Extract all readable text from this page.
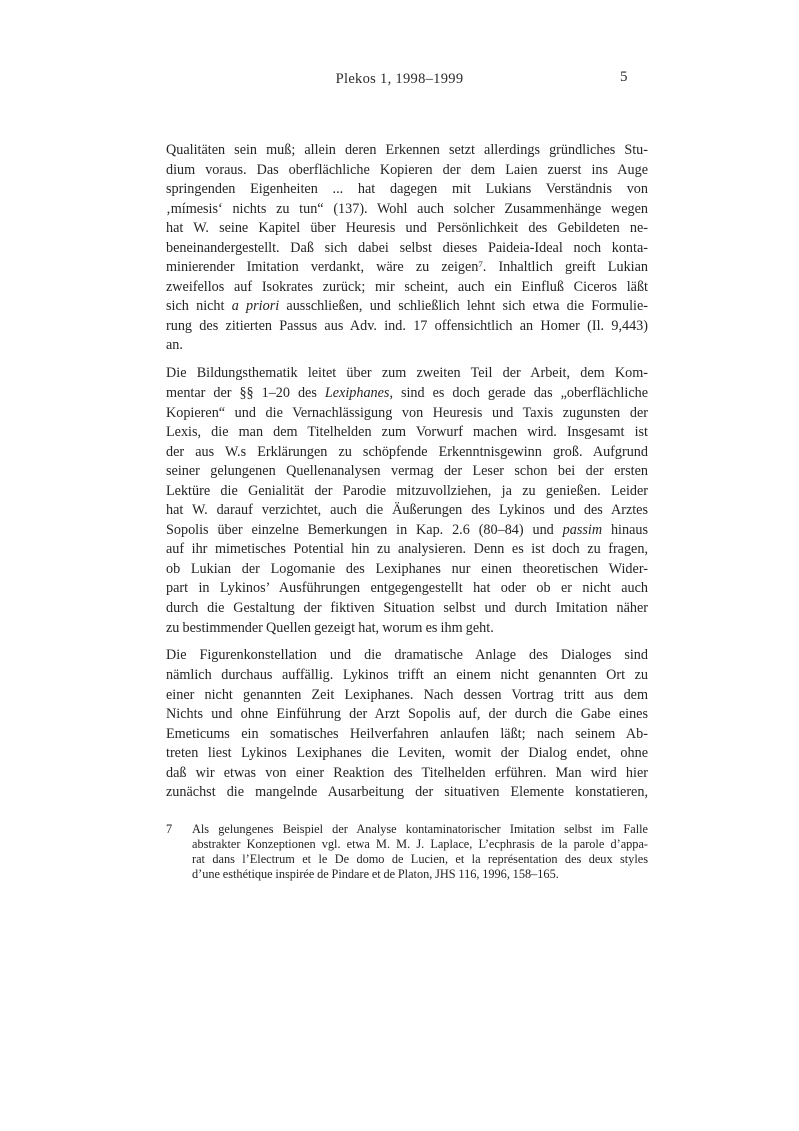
Plekos 1, 1998–1999	5
Qualitäten sein muß; allein deren Erkennen setzt allerdings gründliches Stu-
dium voraus. Das oberflächliche Kopieren der dem Laien zuerst ins Auge
springenden Eigenheiten ... hat dagegen mit Lukians Verständnis von
‚mímesis‘ nichts zu tun“ (137). Wohl auch solcher Zusammenhänge wegen
hat W. seine Kapitel über Heuresis und Persönlichkeit des Gebildeten ne-
beneinandergestellt. Daß sich dabei selbst dieses Paideia-Ideal noch konta-
minierender Imitation verdankt, wäre zu zeigen$^7$. Inhaltlich greift Lukian
zweifellos auf Isokrates zurück; mir scheint, auch ein Einfluß Ciceros läßt
sich nicht a priori ausschließen, und schließlich lehnt sich etwa die Formulie-
rung des zitierten Passus aus Adv. ind. 17 offensichtlich an Homer (Il. 9,443)
an.
Die Bildungsthematik leitet über zum zweiten Teil der Arbeit, dem Kom-
mentar der §§ 1–20 des Lexiphanes, sind es doch gerade das „oberflächliche
Kopieren“ und die Vernachlässigung von Heuresis und Taxis zugunsten der
Lexis, die man dem Titelhelden zum Vorwurf machen wird. Insgesamt ist
der aus W.s Erklärungen zu schöpfende Erkenntnisgewinn groß. Aufgrund
seiner gelungenen Quellenanalysen vermag der Leser schon bei der ersten
Lektüre die Genialität der Parodie mitzuvollziehen, ja zu genießen. Leider
hat W. darauf verzichtet, auch die Äußerungen des Lykinos und des Arztes
Sopolis über einzelne Bemerkungen in Kap. 2.6 (80–84) und passim hinaus
auf ihr mimetisches Potential hin zu analysieren. Denn es ist doch zu fragen,
ob Lukian der Logomanie des Lexiphanes nur einen theoretischen Wider-
part in Lykinos’ Ausführungen entgegengestellt hat oder ob er nicht auch
durch die Gestaltung der fiktiven Situation selbst und durch Imitation näher
zu bestimmender Quellen gezeigt hat, worum es ihm geht.
Die Figurenkonstellation und die dramatische Anlage des Dialoges sind
nämlich durchaus auffällig. Lykinos trifft an einem nicht genannten Ort zu
einer nicht genannten Zeit Lexiphanes. Nach dessen Vortrag tritt aus dem
Nichts und ohne Einführung der Arzt Sopolis auf, der durch die Gabe eines
Emeticums ein somatisches Heilverfahren anlaufen läßt; nach seinem Ab-
treten liest Lykinos Lexiphanes die Leviten, womit der Dialog endet, ohne
daß wir etwas von einer Reaktion des Titelhelden erführen. Man wird hier
zunächst die mangelnde Ausarbeitung der situativen Elemente konstatieren,
7	Als gelungenes Beispiel der Analyse kontaminatorischer Imitation selbst im Falle
abstrakter Konzeptionen vgl. etwa M. M. J. Laplace, L’ecphrasis de la parole d’appa-
rat dans l’Electrum et le De domo de Lucien, et la représentation des deux styles
d’une esthétique inspirée de Pindare et de Platon, JHS 116, 1996, 158–165.
